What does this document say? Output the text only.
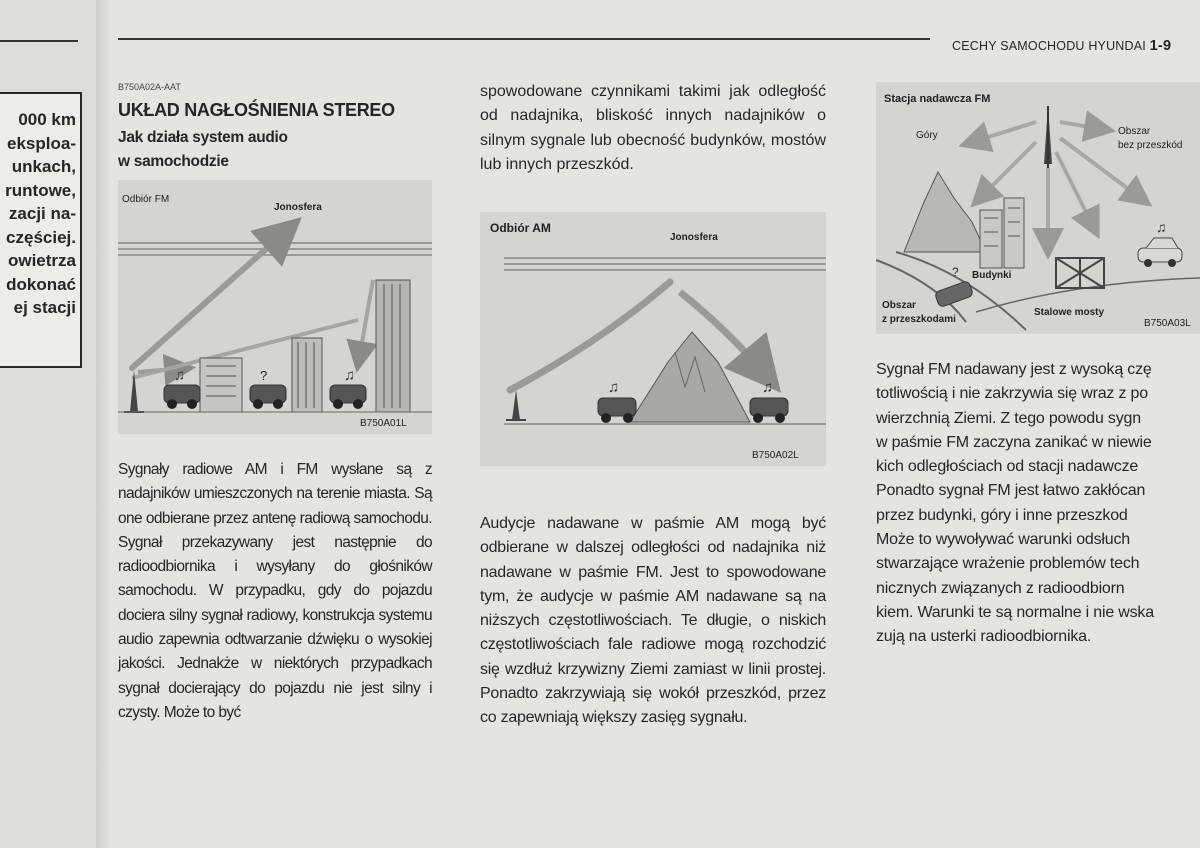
000 km
eksploa-
unkach,
runtowe,
zacji na-
częściej.
owietrza
dokonać
ej stacji
CECHY SAMOCHODU HYUNDAI 1-9
B750A02A-AAT
UKŁAD NAGŁOŚNIENIA STEREO
Jak działa system audio
w samochodzie
♫	♫
Odbiór FM
Jonosfera
?
B750A01L
Sygnały radiowe AM i FM wysłane są z nadajników umieszczonych na terenie miasta. Są one odbierane przez antenę radiową samochodu. Sygnał przekazywany jest następnie do radioodbiornika i wysyłany do głośników samochodu. W przypadku, gdy do pojazdu dociera silny sygnał radiowy, konstrukcja systemu audio zapewnia odtwarzanie dźwięku o wysokiej jakości. Jednakże w niektórych przypadkach sygnał docierający do pojazdu nie jest silny i czysty. Może to być
spowodowane czynnikami takimi jak odległość od nadajnika, bliskość innych nadajników o silnym sygnale lub obecność budynków, mostów lub innych przeszkód.
♫	♫
Odbiór AM
Jonosfera
B750A02L
Audycje nadawane w paśmie AM mogą być odbierane w dalszej odległości od nadajnika niż nadawane w paśmie FM. Jest to spowodowane tym, że audycje w paśmie AM nadawane są na niższych częstotliwościach. Te długie, o niskich częstotliwościach fale radiowe mogą rozchodzić się wzdłuż krzywizny Ziemi zamiast w linii prostej. Ponadto zakrzywiają się wokół przeszkód, przez co zapewniają większy zasięg sygnału.
♫
Stacja nadawcza FM
Góry	Obszar
bez przeszkód
? Budynki
Obszar
z przeszkodami
Stalowe mosty
B750A03L
Sygnał FM nadawany jest z wysoką czę
totliwością i nie zakrzywia się wraz z po
wierzchnią Ziemi. Z tego powodu sygn
w paśmie FM zaczyna zanikać w niewie
kich odległościach od stacji nadawcze
Ponadto sygnał FM jest łatwo zakłócan
przez budynki, góry i inne przeszkod
Może to wywoływać warunki odsłuch
stwarzające wrażenie problemów tech
nicznych związanych z radioodbiorn
kiem. Warunki te są normalne i nie wska
zują na usterki radioodbiornika.
